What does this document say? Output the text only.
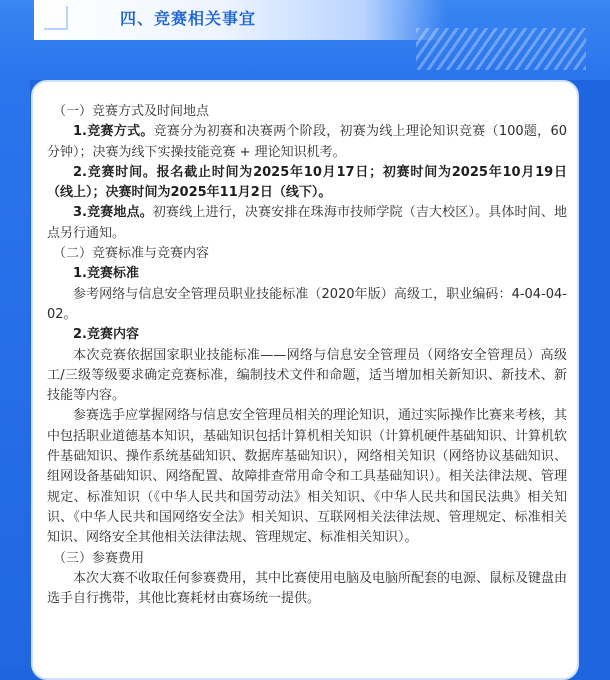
四、竞赛相关事宜

（一）竞赛方式及时间地点

1.竞赛方式。竞赛分为初赛和决赛两个阶段，初赛为线上理论知识竞赛（100题，60分钟）；决赛为线下实操技能竞赛 + 理论知识机考。

2.竞赛时间。报名截止时间为2025年10月17日；初赛时间为2025年10月19日（线上）；决赛时间为2025年11月2日（线下）。

3.竞赛地点。初赛线上进行，决赛安排在珠海市技师学院（吉大校区）。具体时间、地点另行通知。

（二）竞赛标准与竞赛内容

1.竞赛标准

参考网络与信息安全管理员职业技能标准（2020年版）高级工，职业编码：4-04-04-02。

2.竞赛内容

本次竞赛依据国家职业技能标准——网络与信息安全管理员（网络安全管理员）高级工/三级等级要求确定竞赛标准，编制技术文件和命题，适当增加相关新知识、新技术、新技能等内容。

参赛选手应掌握网络与信息安全管理员相关的理论知识，通过实际操作比赛来考核，其中包括职业道德基本知识，基础知识包括计算机相关知识（计算机硬件基础知识、计算机软件基础知识、操作系统基础知识、数据库基础知识），网络相关知识（网络协议基础知识、组网设备基础知识、网络配置、故障排查常用命令和工具基础知识）。相关法律法规、管理规定、标准知识（《中华人民共和国劳动法》相关知识、《中华人民共和国民法典》相关知识、《中华人民共和国网络安全法》相关知识、互联网相关法律法规、管理规定、标准相关知识、网络安全其他相关法律法规、管理规定、标准相关知识）。

（三）参赛费用

本次大赛不收取任何参赛费用，其中比赛使用电脑及电脑所配套的电源、鼠标及键盘由选手自行携带，其他比赛耗材由赛场统一提供。
